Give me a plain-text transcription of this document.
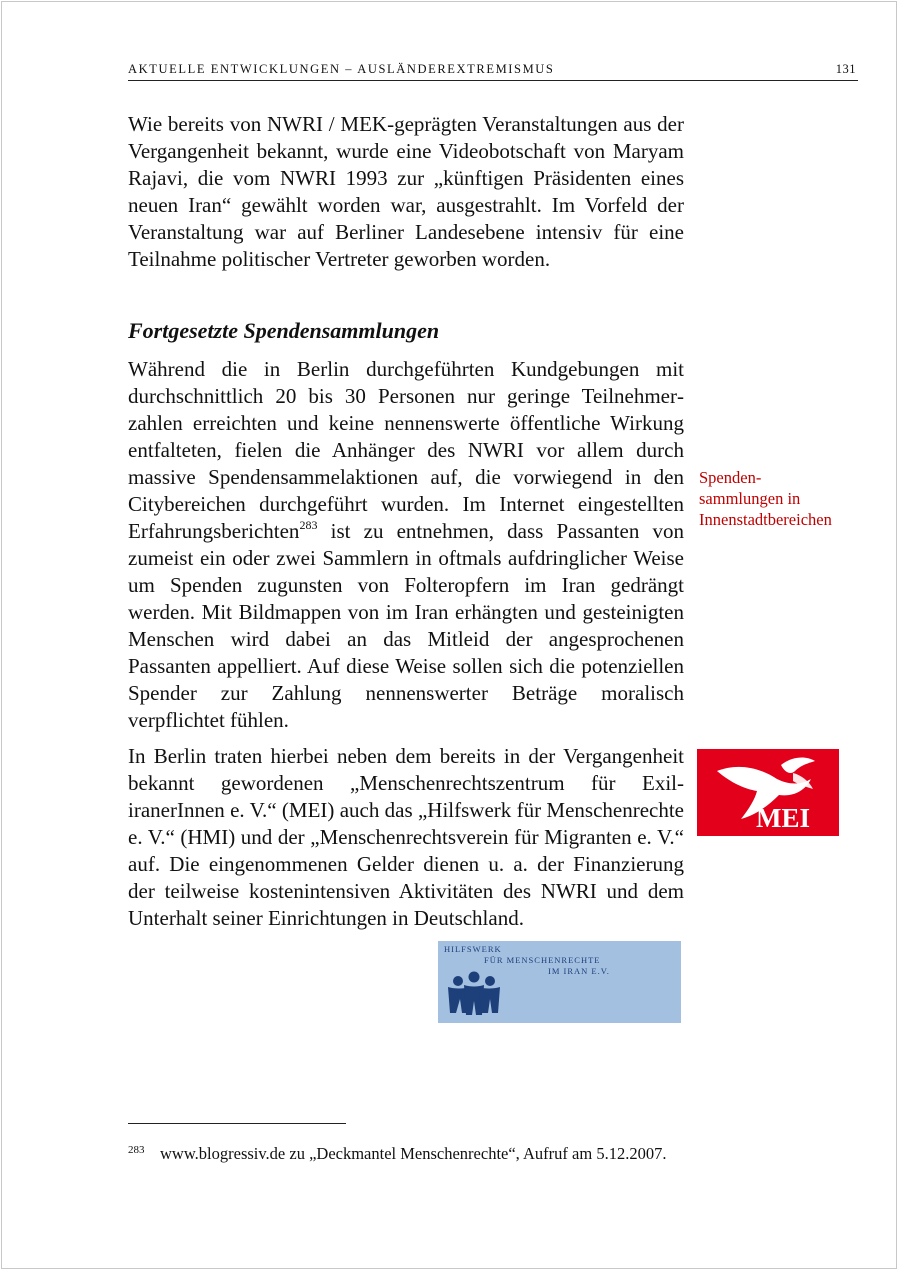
AKTUELLE ENTWICKLUNGEN – AUSLÄNDEREXTREMISMUS	131

Wie bereits von NWRI / MEK-geprägten Veranstaltungen aus der Vergangenheit bekannt, wurde eine Videobotschaft von Maryam Rajavi, die vom NWRI 1993 zur „künftigen Präsidenten eines neuen Iran“ gewählt worden war, ausgestrahlt. Im Vorfeld der Veranstaltung war auf Berliner Landesebene intensiv für eine Teilnahme politischer Vertreter geworben worden.

Fortgesetzte Spendensammlungen

Während die in Berlin durchgeführten Kundgebungen mit durchschnittlich 20 bis 30 Personen nur geringe Teilnehmerzahlen erreichten und keine nennenswerte öffentliche Wirkung entfalteten, fielen die Anhänger des NWRI vor allem durch massive Spendensammelaktionen auf, die vorwiegend in den Citybereichen durchgeführt wurden. Im Internet eingestellten Erfahrungsberichten$^{283}$ ist zu entnehmen, dass Passanten von zumeist ein oder zwei Sammlern in oftmals aufdringlicher Weise um Spenden zugunsten von Folteropfern im Iran gedrängt werden. Mit Bildmappen von im Iran erhängten und gesteinigten Menschen wird dabei an das Mitleid der angesprochenen Passanten appelliert. Auf diese Weise sollen sich die potenziellen Spender zur Zahlung nennenswerter Beträge moralisch verpflichtet fühlen.

Spenden-
sammlungen in
Innenstadtbereichen

In Berlin traten hierbei neben dem bereits in der Vergangenheit bekannt gewordenen „Menschenrechtszentrum für ExiliranerInnen e. V.“ (MEI) auch das „Hilfswerk für Menschenrechte e. V.“ (HMI) und der „Menschenrechtsverein für Migranten e. V.“ auf. Die eingenommenen Gelder dienen u. a. der Finanzierung der teilweise kostenintensiven Aktivitäten des NWRI und dem Unterhalt seiner Einrichtungen in Deutschland.

MEI
HILFSWERK
FÜR MENSCHENRECHTE
IM IRAN E.V.
283 www.blogressiv.de zu „Deckmantel Menschenrechte“, Aufruf am 5.12.2007.
